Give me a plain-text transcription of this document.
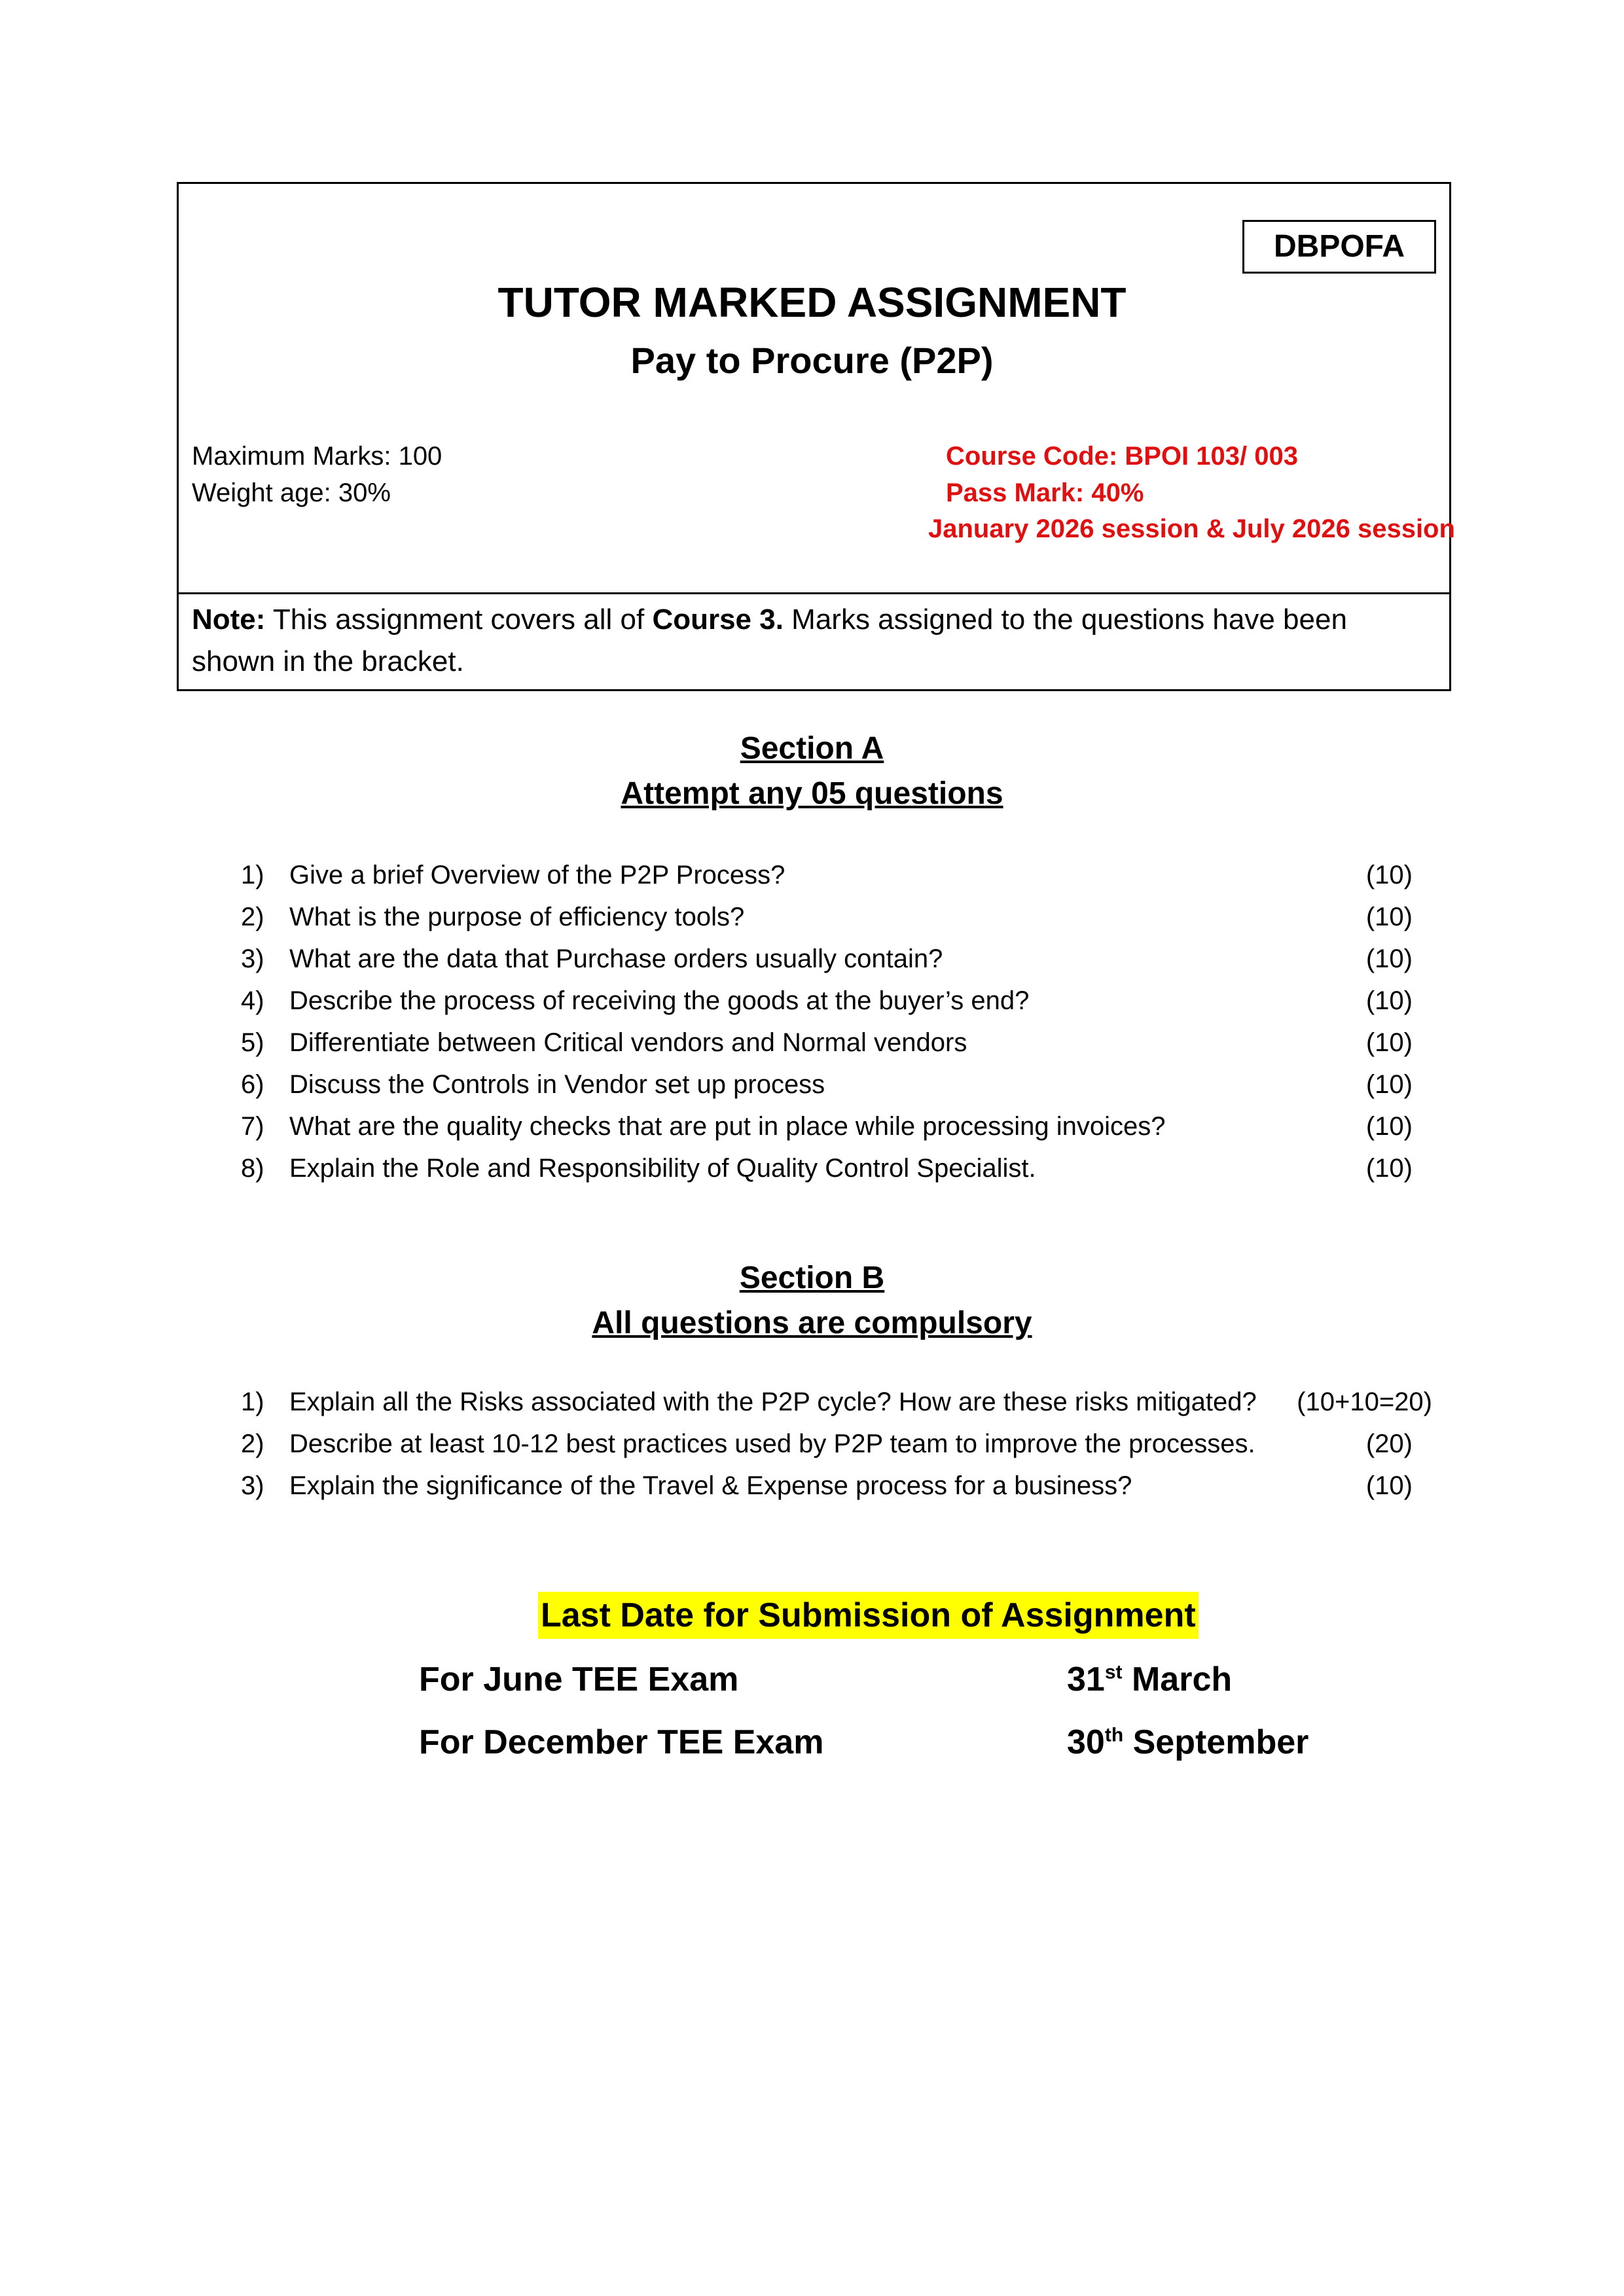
DBPOFA
TUTOR MARKED ASSIGNMENT
Pay to Procure (P2P)
Maximum Marks: 100
Weight age: 30%
Course Code: BPOI 103/ 003
Pass Mark: 40%
January 2026 session & July 2026 session
Note: This assignment covers all of Course 3. Marks assigned to the questions have been shown in the bracket.
Section A
Attempt any 05 questions
1) Give a brief Overview of the P2P Process?	(10)
2) What is the purpose of efficiency tools?	(10)
3) What are the data that Purchase orders usually contain?	(10)
4) Describe the process of receiving the goods at the buyer’s end?	(10)
5) Differentiate between Critical vendors and Normal vendors	(10)
6) Discuss the Controls in Vendor set up process	(10)
7) What are the quality checks that are put in place while processing invoices?	(10)
8) Explain the Role and Responsibility of Quality Control Specialist.	(10)
Section B
All questions are compulsory
1) Explain all the Risks associated with the P2P cycle? How are these risks mitigated? (10+10=20)
2) Describe at least 10-12 best practices used by P2P team to improve the processes.	(20)
3) Explain the significance of the Travel & Expense process for a business?	(10)
Last Date for Submission of Assignment
For June TEE Exam	31st March
For December TEE Exam	30th September
